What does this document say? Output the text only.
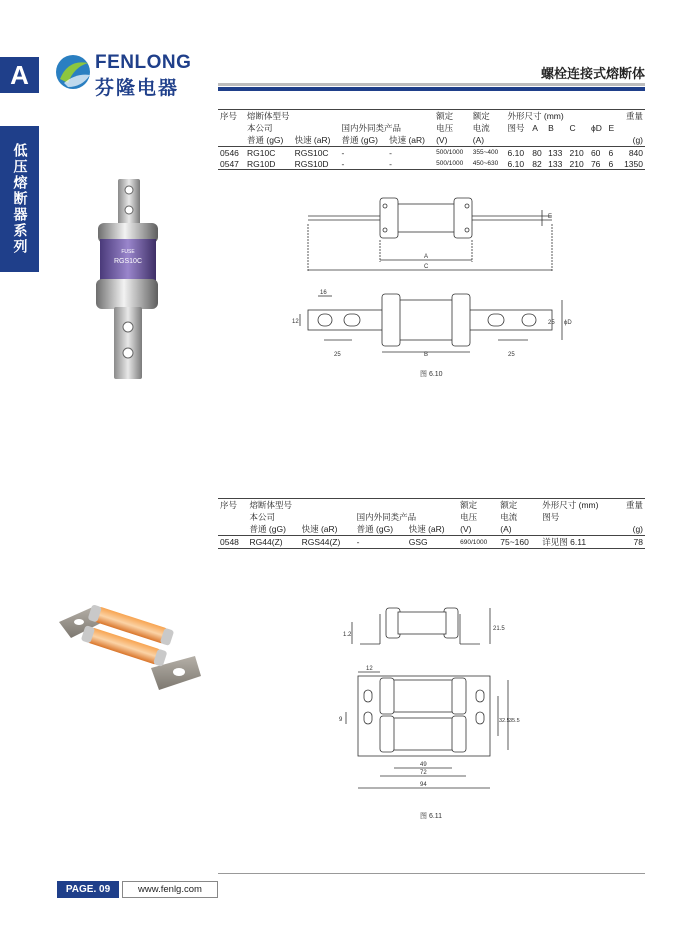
A
低压熔断器系列
FENLONG
芬隆电器
螺栓连接式熔断体
序号	熔断体型号				额定	额定	外形尺寸 (mm)						重量
	本公司		国内外同类产品		电压	电流	图号	A	B	C	ϕD	E	
	普通 (gG)	快速 (aR)	普通 (gG)	快速 (aR)	(V)	(A)							(g)
0546	RG10C	RGS10C	-	-	500/1000	355~400	6.10	80	133	210	60	6	840
0547	RG10D	RGS10D	-	-	500/1000	450~630	6.10	82	133	210	76	6	1350
FUSE
RGS10C
A
C
E
16
12
25	B	25
25 ϕD
图 6.10
序号	熔断体型号				额定	额定	外形尺寸 (mm)	重量
	本公司		国内外同类产品		电压	电流	图号	
	普通 (gG)	快速 (aR)	普通 (gG)	快速 (aR)	(V)	(A)		(g)
0548	RG44(Z)	RGS44(Z)	-	GSG	690/1000	75~160	详见图 6.11	78
1.2
21.5
12
9	32.5 35.5
49
72
94
图 6.11
PAGE. 09	www.fenlg.com
